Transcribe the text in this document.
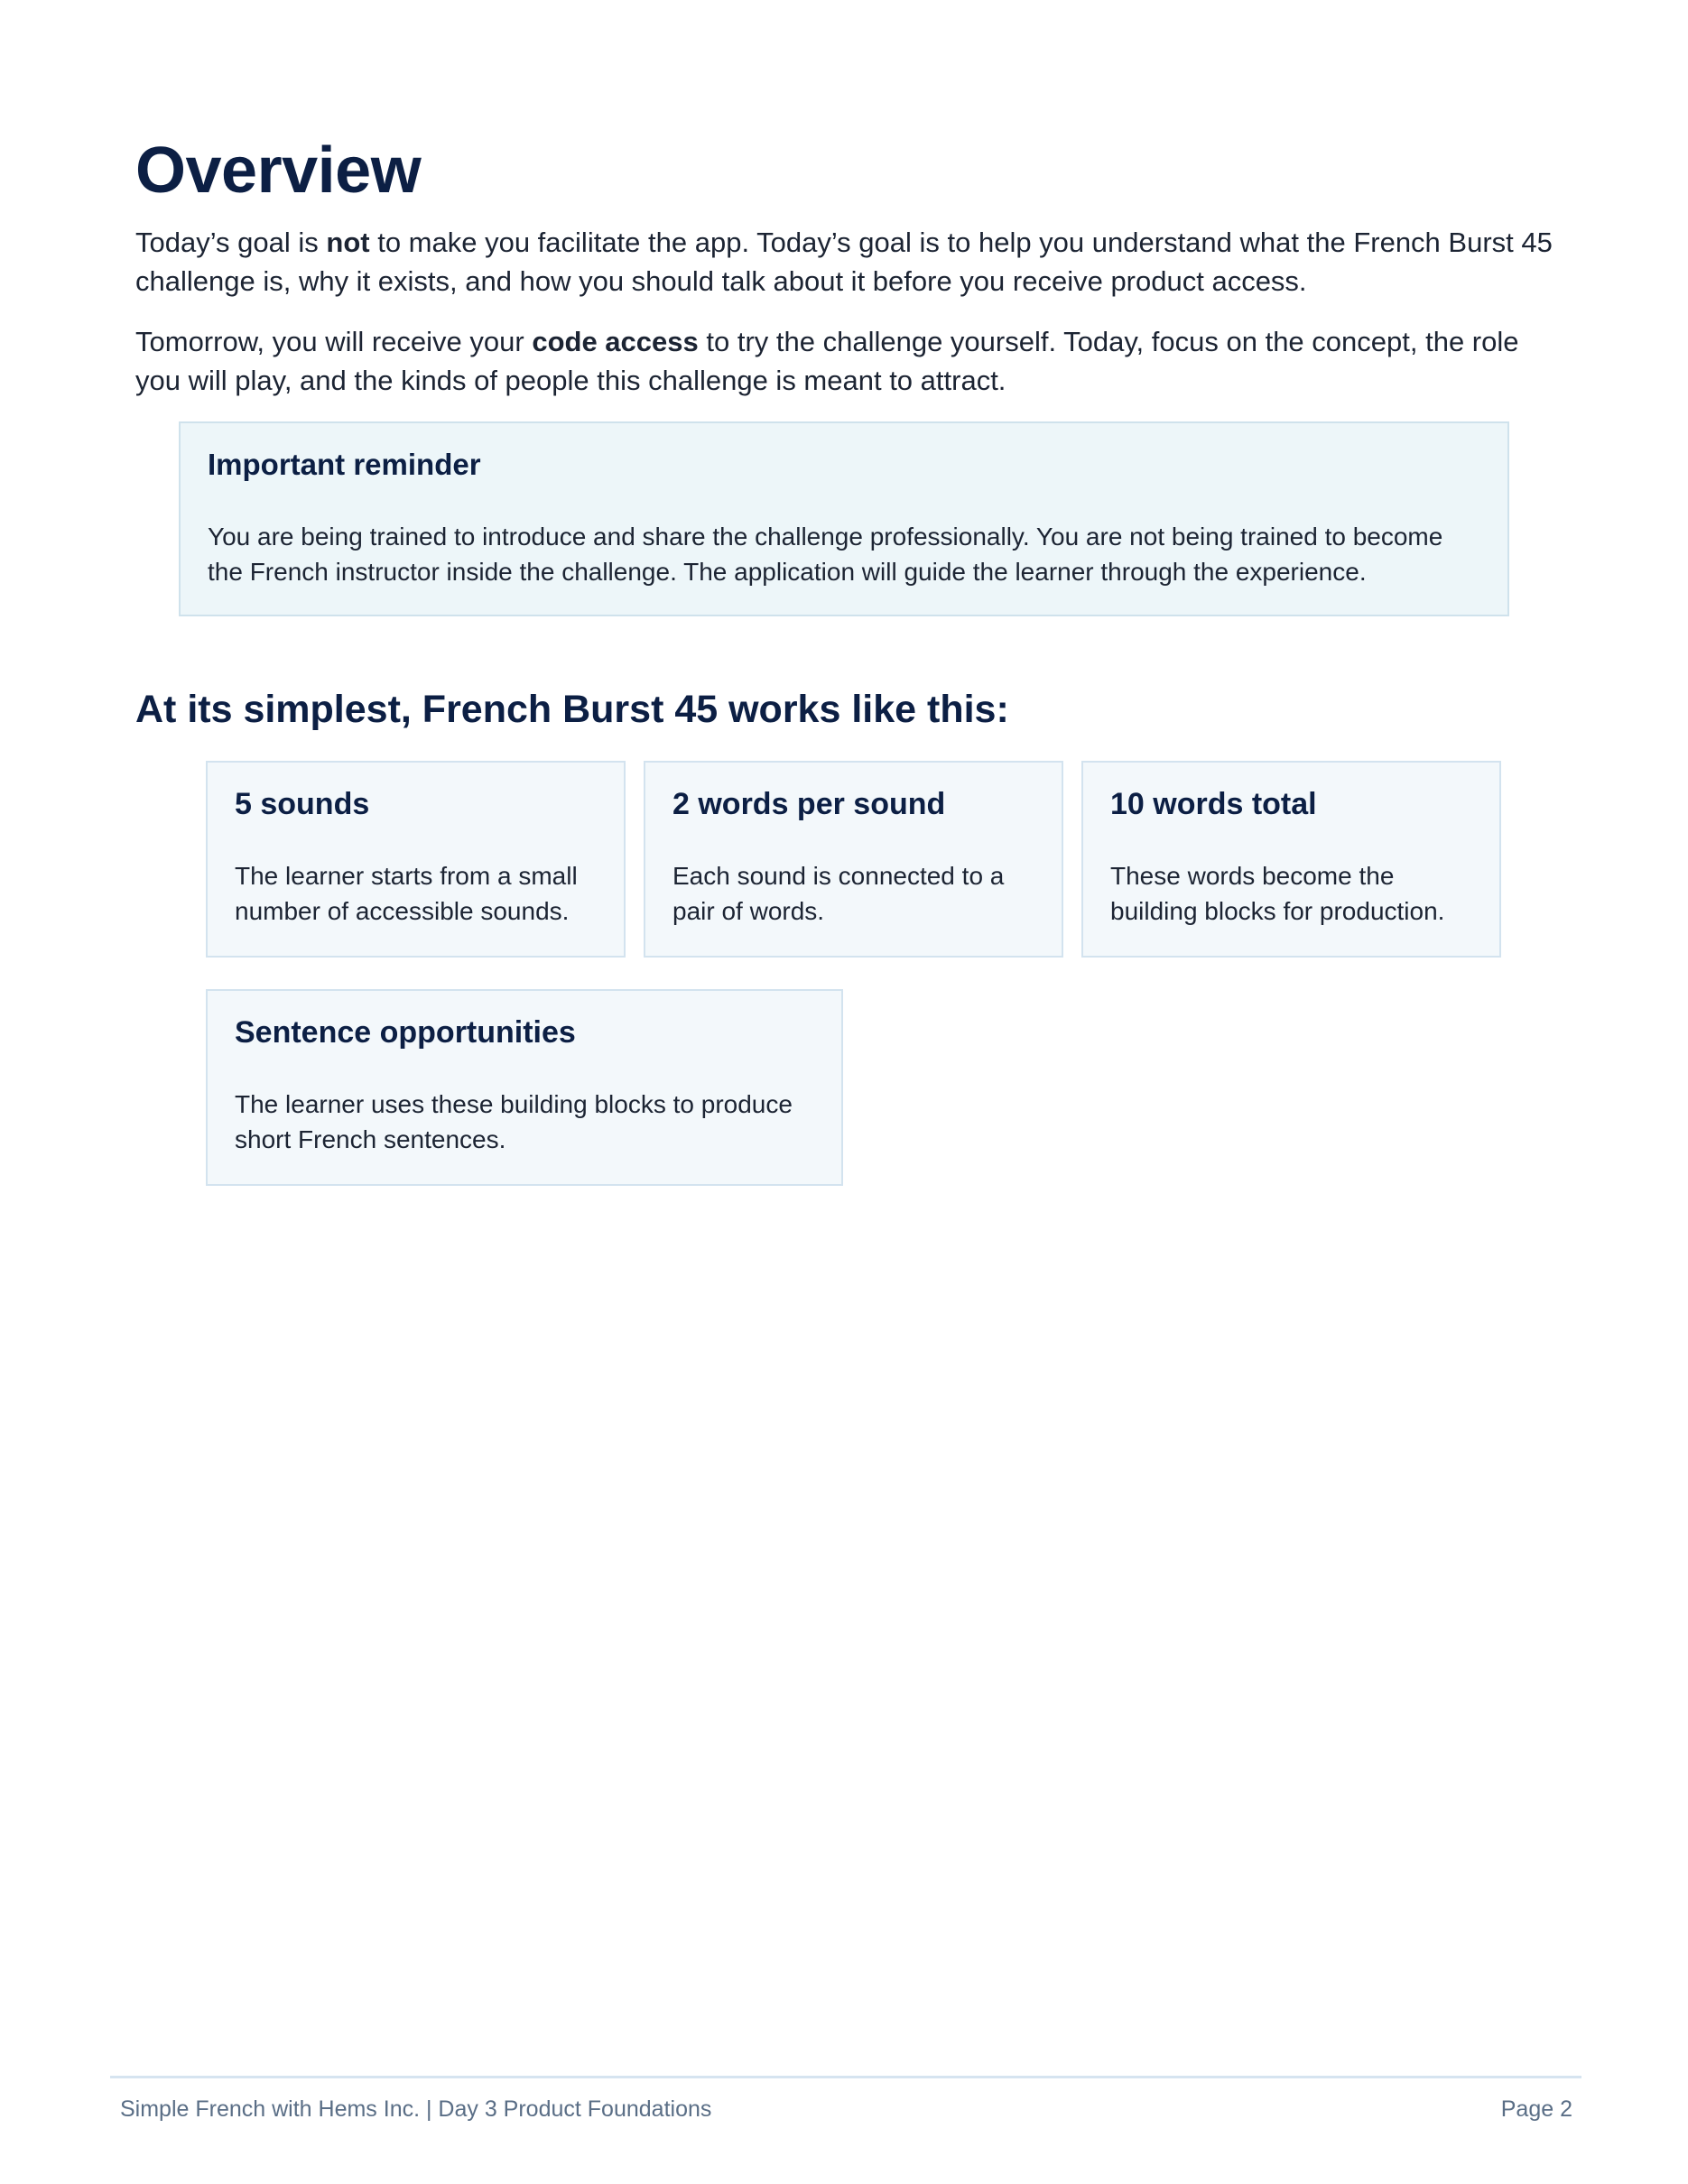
Overview

Today’s goal is not to make you facilitate the app. Today’s goal is to help you understand what the French Burst 45 challenge is, why it exists, and how you should talk about it before you receive product access.

Tomorrow, you will receive your code access to try the challenge yourself. Today, focus on the concept, the role you will play, and the kinds of people this challenge is meant to attract.

Important reminder
You are being trained to introduce and share the challenge professionally. You are not being trained to become the French instructor inside the challenge. The application will guide the learner through the experience.
At its simplest, French Burst 45 works like this:
5 sounds
The learner starts from a small number of accessible sounds.
2 words per sound
Each sound is connected to a pair of words.
10 words total
These words become the building blocks for production.
Sentence opportunities
The learner uses these building blocks to produce short French sentences.
Simple French with Hems Inc. | Day 3 Product Foundations	Page 2
